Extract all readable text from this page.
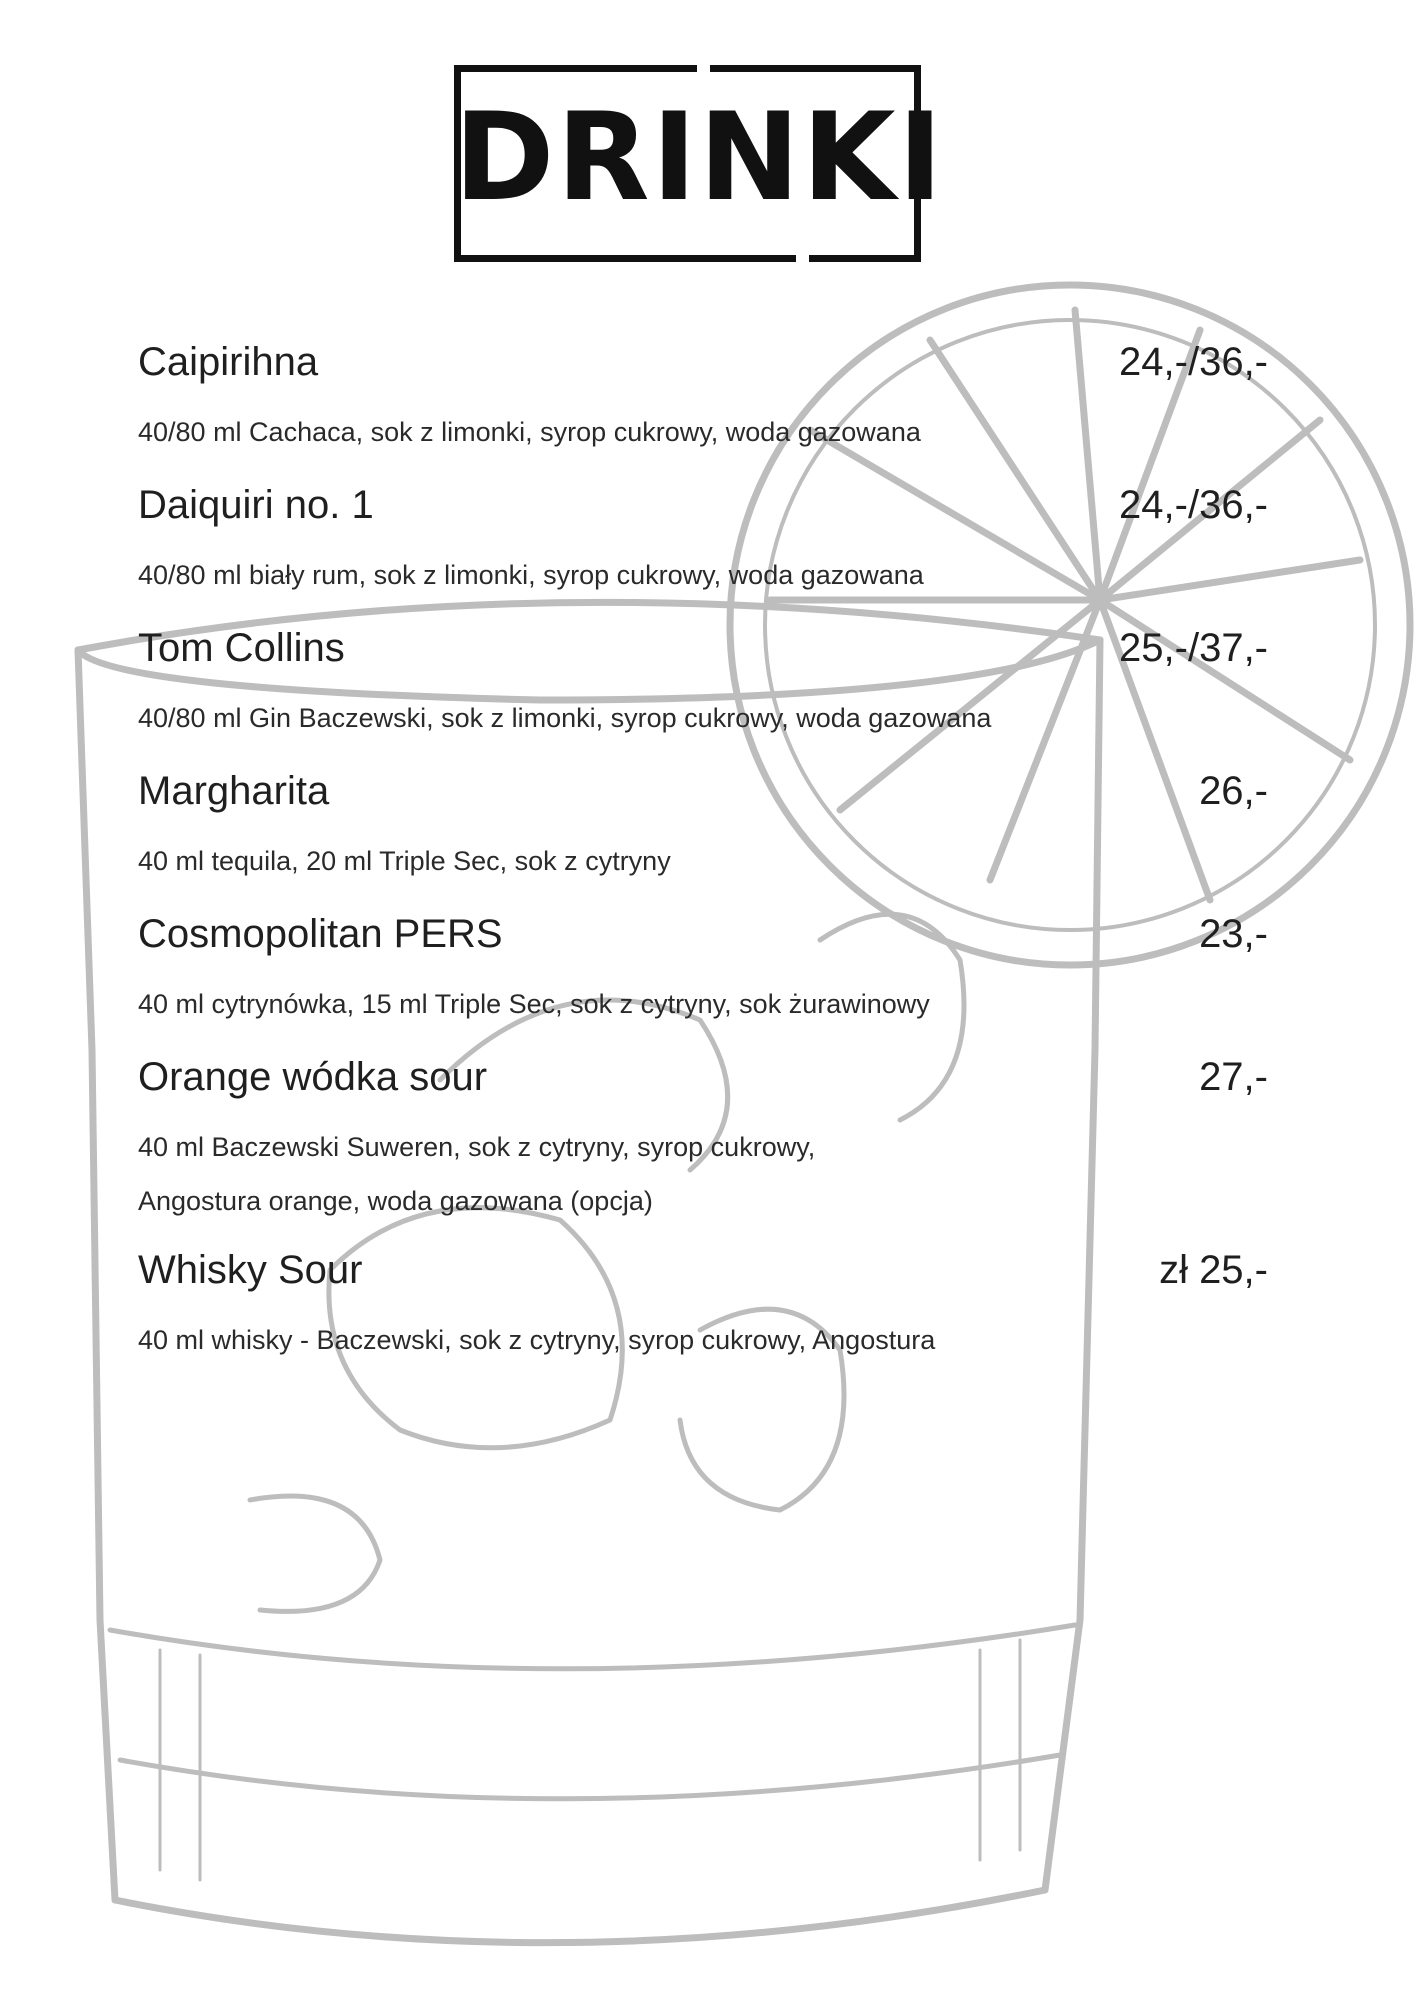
DRINKI
Caipirihna	24,-/36,-
40/80 ml Cachaca, sok z limonki, syrop cukrowy, woda gazowana
Daiquiri no. 1	24,-/36,-
40/80 ml biały rum, sok z limonki, syrop cukrowy, woda gazowana
Tom Collins	25,-/37,-
40/80 ml Gin Baczewski, sok z limonki, syrop cukrowy, woda gazowana
Margharita	26,-
40 ml tequila, 20 ml Triple Sec, sok z cytryny
Cosmopolitan PERS	23,-
40 ml cytrynówka, 15 ml Triple Sec, sok z cytryny, sok żurawinowy
Orange wódka sour	27,-
40 ml Baczewski Suweren, sok z cytryny, syrop cukrowy,
Angostura orange, woda gazowana (opcja)
Whisky Sour	zł 25,-
40 ml whisky - Baczewski, sok z cytryny, syrop cukrowy, Angostura
